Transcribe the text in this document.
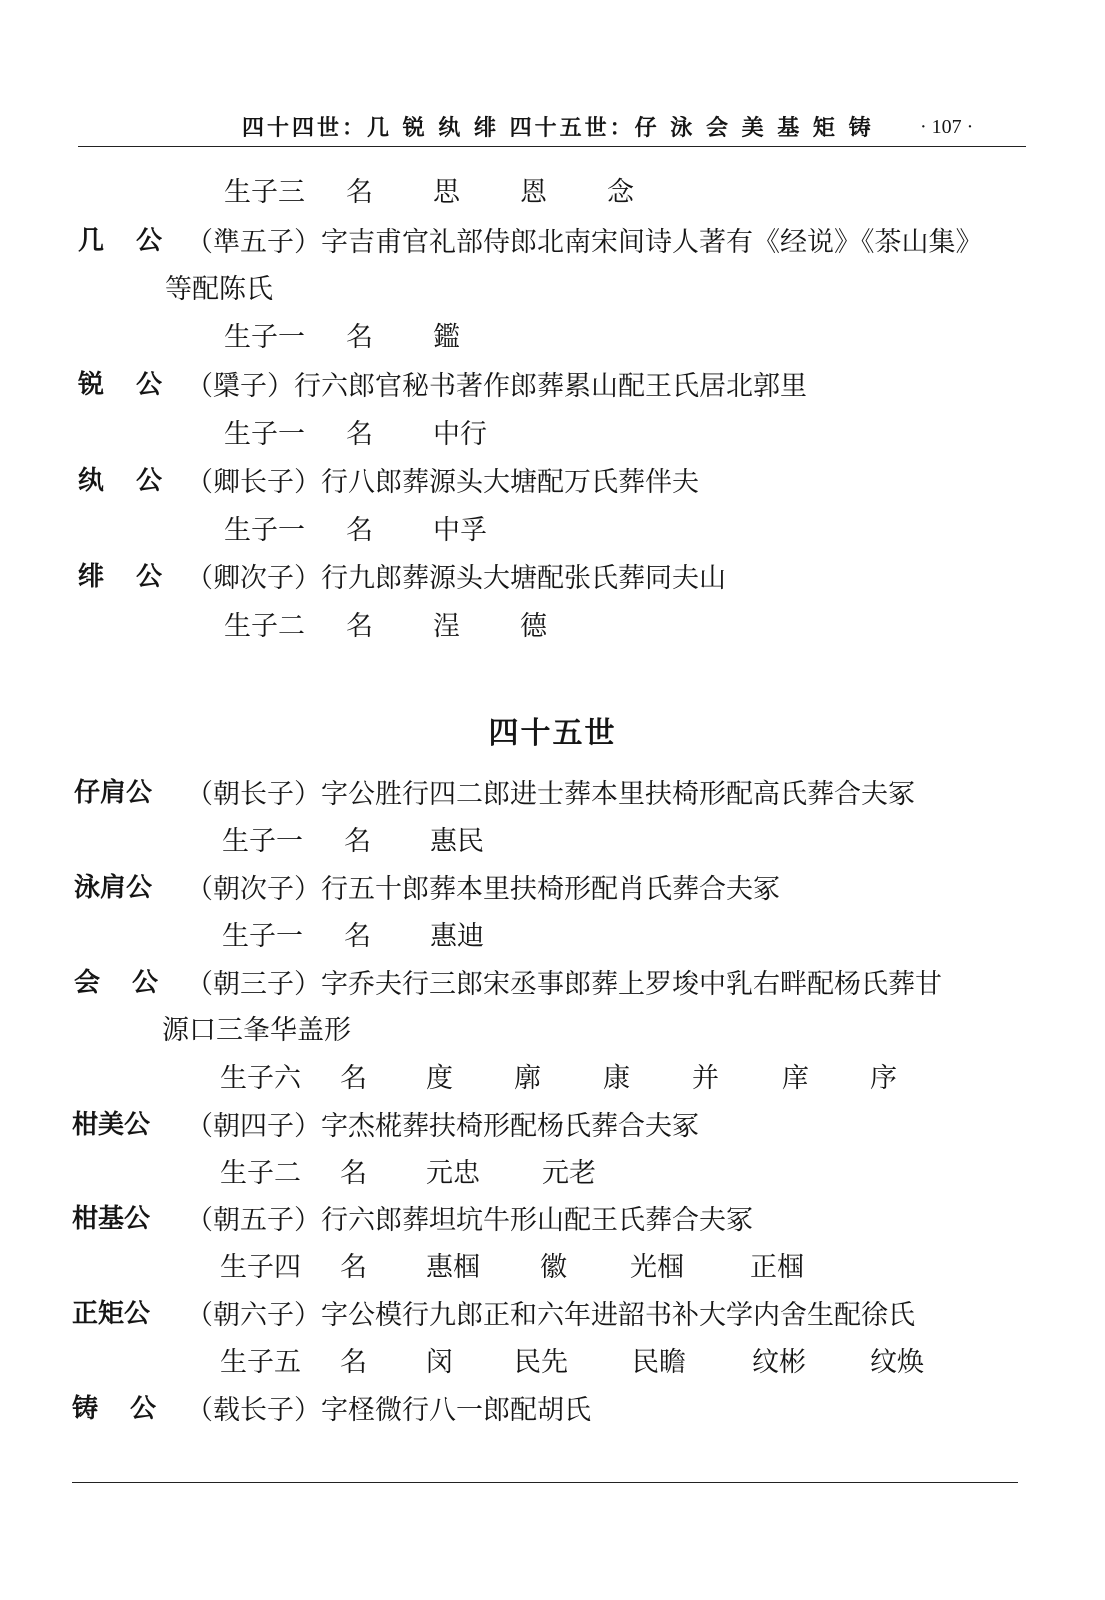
四十四世：几 锐 纨 绯 四十五世：仔 泳 会 美 基 矩 铸 · 107 ·
生子三 名 思 恩 念
几公
（準五子）字吉甫官礼部侍郎北南宋间诗人著有《经说》《茶山集》
等配陈氏
生子一 名 鑑
锐公
（檃子）行六郎官秘书著作郎葬累山配王氏居北郭里
生子一 名 中行
纨公
（卿长子）行八郎葬源头大塘配万氏葬伴夫
生子一 名 中孚
绯公
（卿次子）行九郎葬源头大塘配张氏葬同夫山
生子二 名 浧 德
四十五世
仔肩公 （朝长子）字公胜行四二郎进士葬本里扶椅形配高氏葬合夫冢
生子一 名 惠民
泳肩公 （朝次子）行五十郎葬本里扶椅形配肖氏葬合夫冢
生子一 名 惠迪
会公
（朝三子）字乔夫行三郎宋丞事郎葬上罗埈中乳右畔配杨氏葬甘
源口三夆华盖形
生子六 名 度 廓 康 并 庠 序
柑美公 （朝四子）字杰椛葬扶椅形配杨氏葬合夫冢
生子二 名 元忠 元老
柑基公 （朝五子）行六郎葬坦坑牛形山配王氏葬合夫冢
生子四 名 惠椢 徽 光椢 正椢
正矩公 （朝六子）字公模行九郎正和六年进韶书补大学内舍生配徐氏
生子五 名 闵 民先 民瞻 纹彬 纹焕
铸公
（载长子）字柽微行八一郎配胡氏
